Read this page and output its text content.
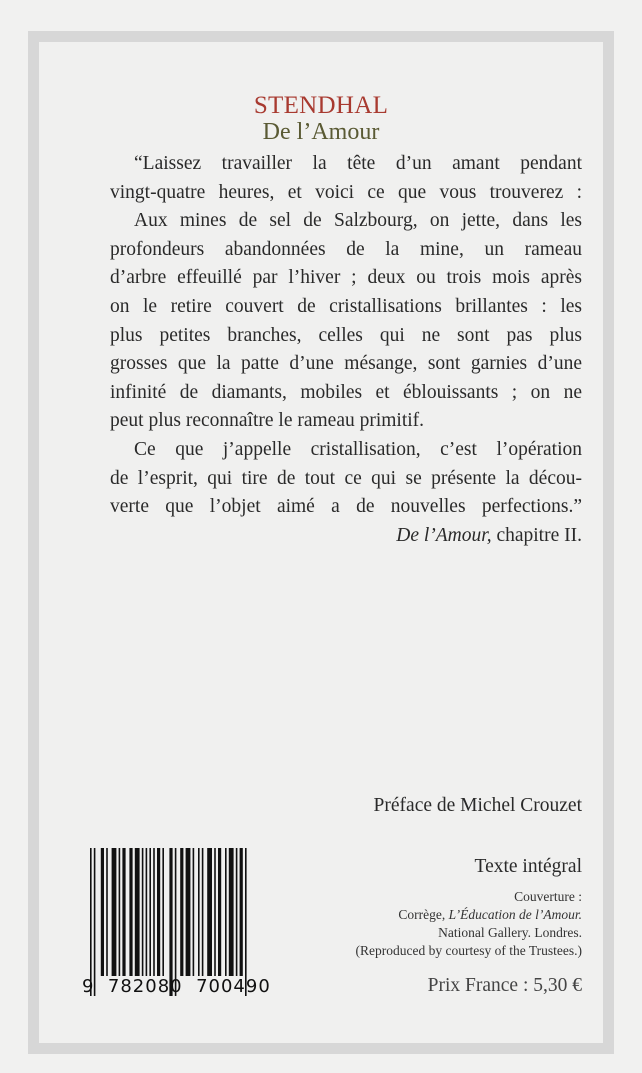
STENDHAL
De l’Amour
“Laissez travailler la tête d’un amant pendant
vingt-quatre heures, et voici ce que vous trouverez :
Aux mines de sel de Salzbourg, on jette, dans les
profondeurs abandonnées de la mine, un rameau
d’arbre effeuillé par l’hiver ; deux ou trois mois après
on le retire couvert de cristallisations brillantes : les
plus petites branches, celles qui ne sont pas plus
grosses que la patte d’une mésange, sont garnies d’une
infinité de diamants, mobiles et éblouissants ; on ne
peut plus reconnaître le rameau primitif.
Ce que j’appelle cristallisation, c’est l’opération
de l’esprit, qui tire de tout ce qui se présente la décou-
verte que l’objet aimé a de nouvelles perfections.”
De l’Amour, chapitre II.
Préface de Michel Crouzet
Texte intégral
Couverture :
Corrège, L’Éducation de l’Amour.
National Gallery. Londres.
(Reproduced by courtesy of the Trustees.)
Prix France : 5,30 €
9 782080 700490
